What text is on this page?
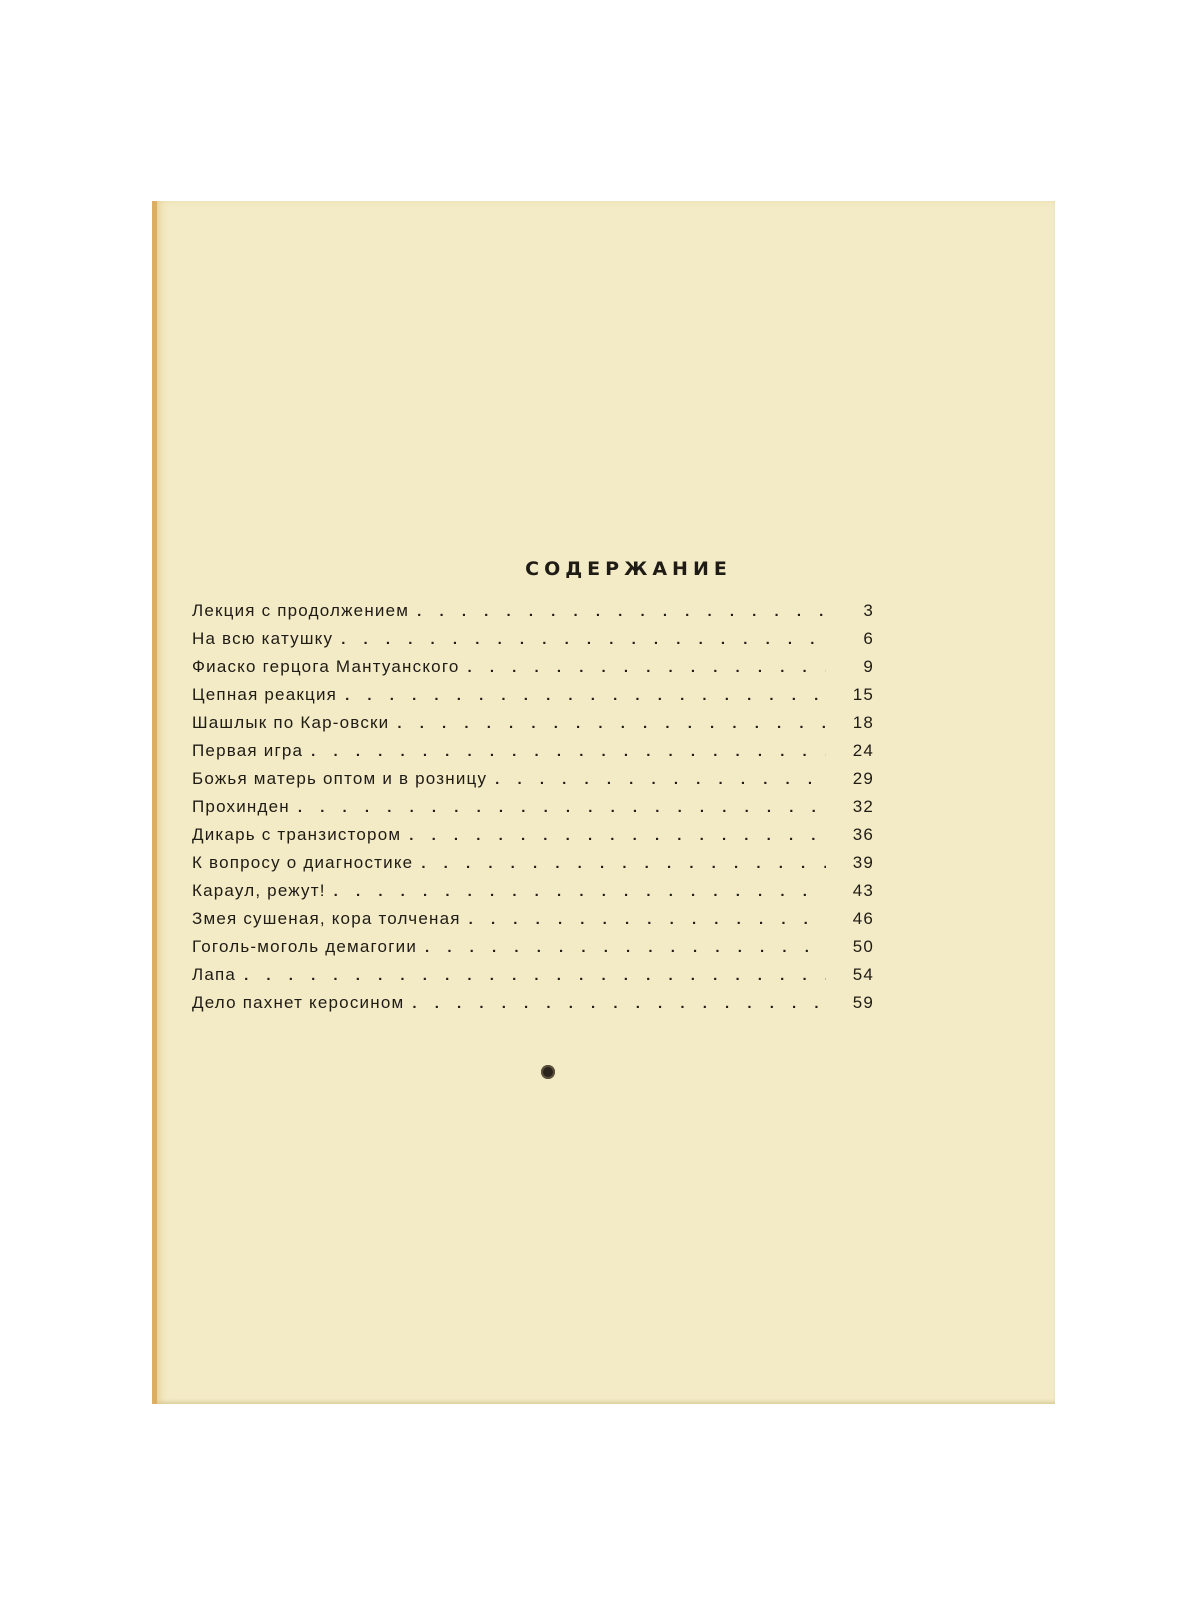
СОДЕРЖАНИЕ
Лекция с продолжением . . .	3
На всю катушку . . .	6
Фиаско герцога Мантуанского . . .	9
Цепная реакция . . .	15
Шашлык по Кар-овски . . .	18
Первая игра . . .	24
Божья матерь оптом и в розницу . . .	29
Прохинден . . .	32
Дикарь с транзистором . . .	36
К вопросу о диагностике . . .	39
Караул, режут! . . .	43
Змея сушеная, кора толченая . . .	46
Гоголь-моголь демагогии . . .	50
Лапа . . .	54
Дело пахнет керосином . . .	59
